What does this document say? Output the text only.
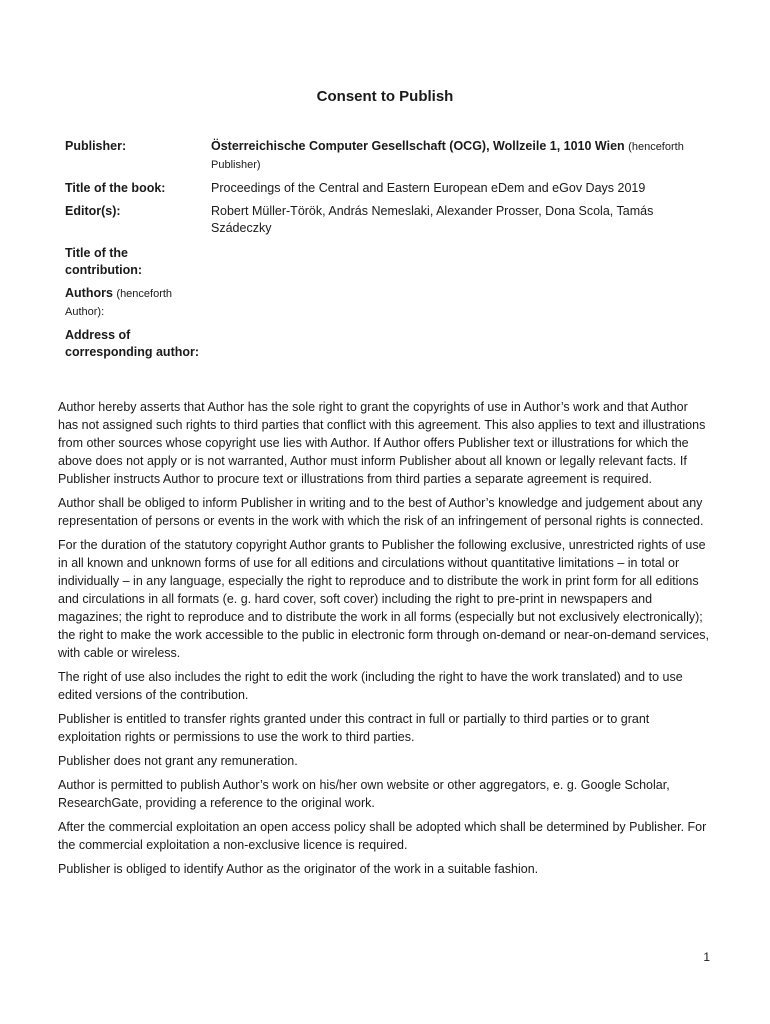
Consent to Publish
Publisher:	Österreichische Computer Gesellschaft (OCG), Wollzeile 1, 1010 Wien (henceforth Publisher)
Title of the book:	Proceedings of the Central and Eastern European eDem and eGov Days 2019
Editor(s):	Robert Müller-Török, András Nemeslaki, Alexander Prosser, Dona Scola, Tamás Szádeczky
Title of the contribution:
Authors (henceforth Author):
Address of corresponding author:

Author hereby asserts that Author has the sole right to grant the copyrights of use in Author’s work and that Author has not assigned such rights to third parties that conflict with this agreement. This also applies to text and illustrations from other sources whose copyright use lies with Author. If Author offers Publisher text or illustrations for which the above does not apply or is not warranted, Author must inform Publisher about all known or legally relevant facts. If Publisher instructs Author to procure text or illustrations from third parties a separate agreement is required.

Author shall be obliged to inform Publisher in writing and to the best of Author’s knowledge and judgement about any representation of persons or events in the work with which the risk of an infringement of personal rights is connected.

For the duration of the statutory copyright Author grants to Publisher the following exclusive, unrestricted rights of use in all known and unknown forms of use for all editions and circulations without quantitative limitations – in total or individually – in any language, especially the right to reproduce and to distribute the work in print form for all editions and circulations in all formats (e. g. hard cover, soft cover) including the right to pre-print in newspapers and magazines; the right to reproduce and to distribute the work in all forms (especially but not exclusively electronically); the right to make the work accessible to the public in electronic form through on-demand or near-on-demand services, with cable or wireless.

The right of use also includes the right to edit the work (including the right to have the work translated) and to use edited versions of the contribution.

Publisher is entitled to transfer rights granted under this contract in full or partially to third parties or to grant exploitation rights or permissions to use the work to third parties.

Publisher does not grant any remuneration.

Author is permitted to publish Author’s work on his/her own website or other aggregators, e. g. Google Scholar, ResearchGate, providing a reference to the original work.

After the commercial exploitation an open access policy shall be adopted which shall be determined by Publisher. For the commercial exploitation a non-exclusive licence is required.

Publisher is obliged to identify Author as the originator of the work in a suitable fashion.

1
